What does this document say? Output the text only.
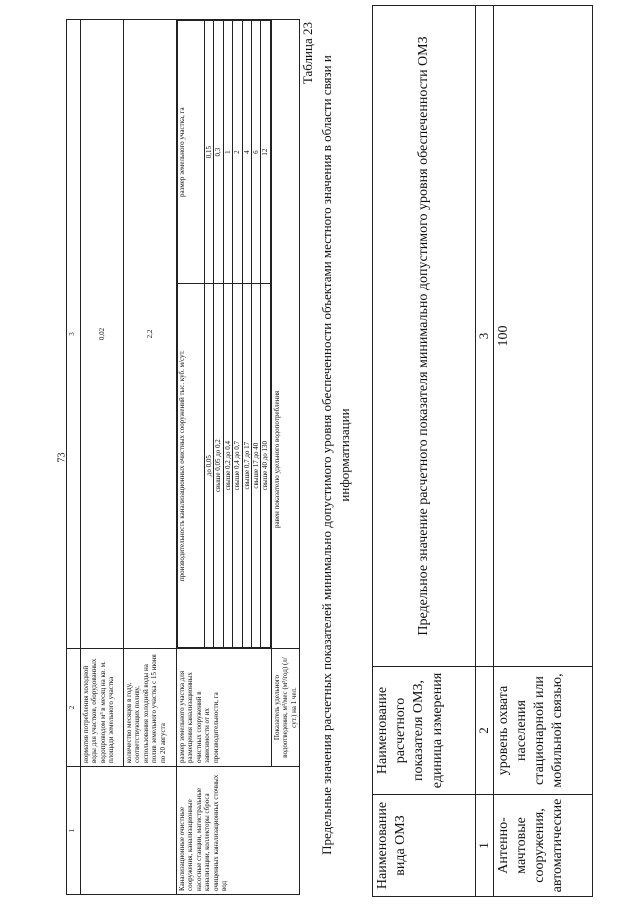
73
1	2	3
	норматив потребления холодной воды для участков, оборудованных водопроводом м³ в месяц на кв. м. площади земельного участка	0,02
количество месяцев в году, соответствующих поливу, использования холодной воды на полив земельного участка с 15 июня по 20 августа	2,2
Канализационные очистные сооружения, канализационные насосные станции, магистральные канализации, коллекторы сброса очищенных канализационных сточных вод	размер земельного участка для размещения канализационных очистных сооружений в зависимости от их производительности, га	
производительность канализационных очистных сооружений тыс. куб. м/сут.	размер земельного участка, га
до 0,05	0,15
свыше 0,05 до 0,2	0,3
свыше 0,2 до 0,4	1
свыше 0,4 до 0,7	2
свыше 0,7 до 17	4
свыше 17 до 40	6
свыше 40 до 130	12

Показатель удельного водоотведения, м³/мес (м³/год) (л/сут.) на 1 чел.	равен показателю удельного водопотребления
Таблица 23
Предельные значения расчетных показателей минимально допустимого уровня обеспеченности объектами местного значения в области связи и информатизации
Наименование вида ОМЗ	Наименование расчетного показателя ОМЗ, единица измерения	Предельное значение расчетного показателя минимально допустимого уровня обеспеченности ОМЗ
1	2	3
Антенно-мачтовые сооружения, автоматические	уровень охвата населения стационарной или мобильной связью,	100
